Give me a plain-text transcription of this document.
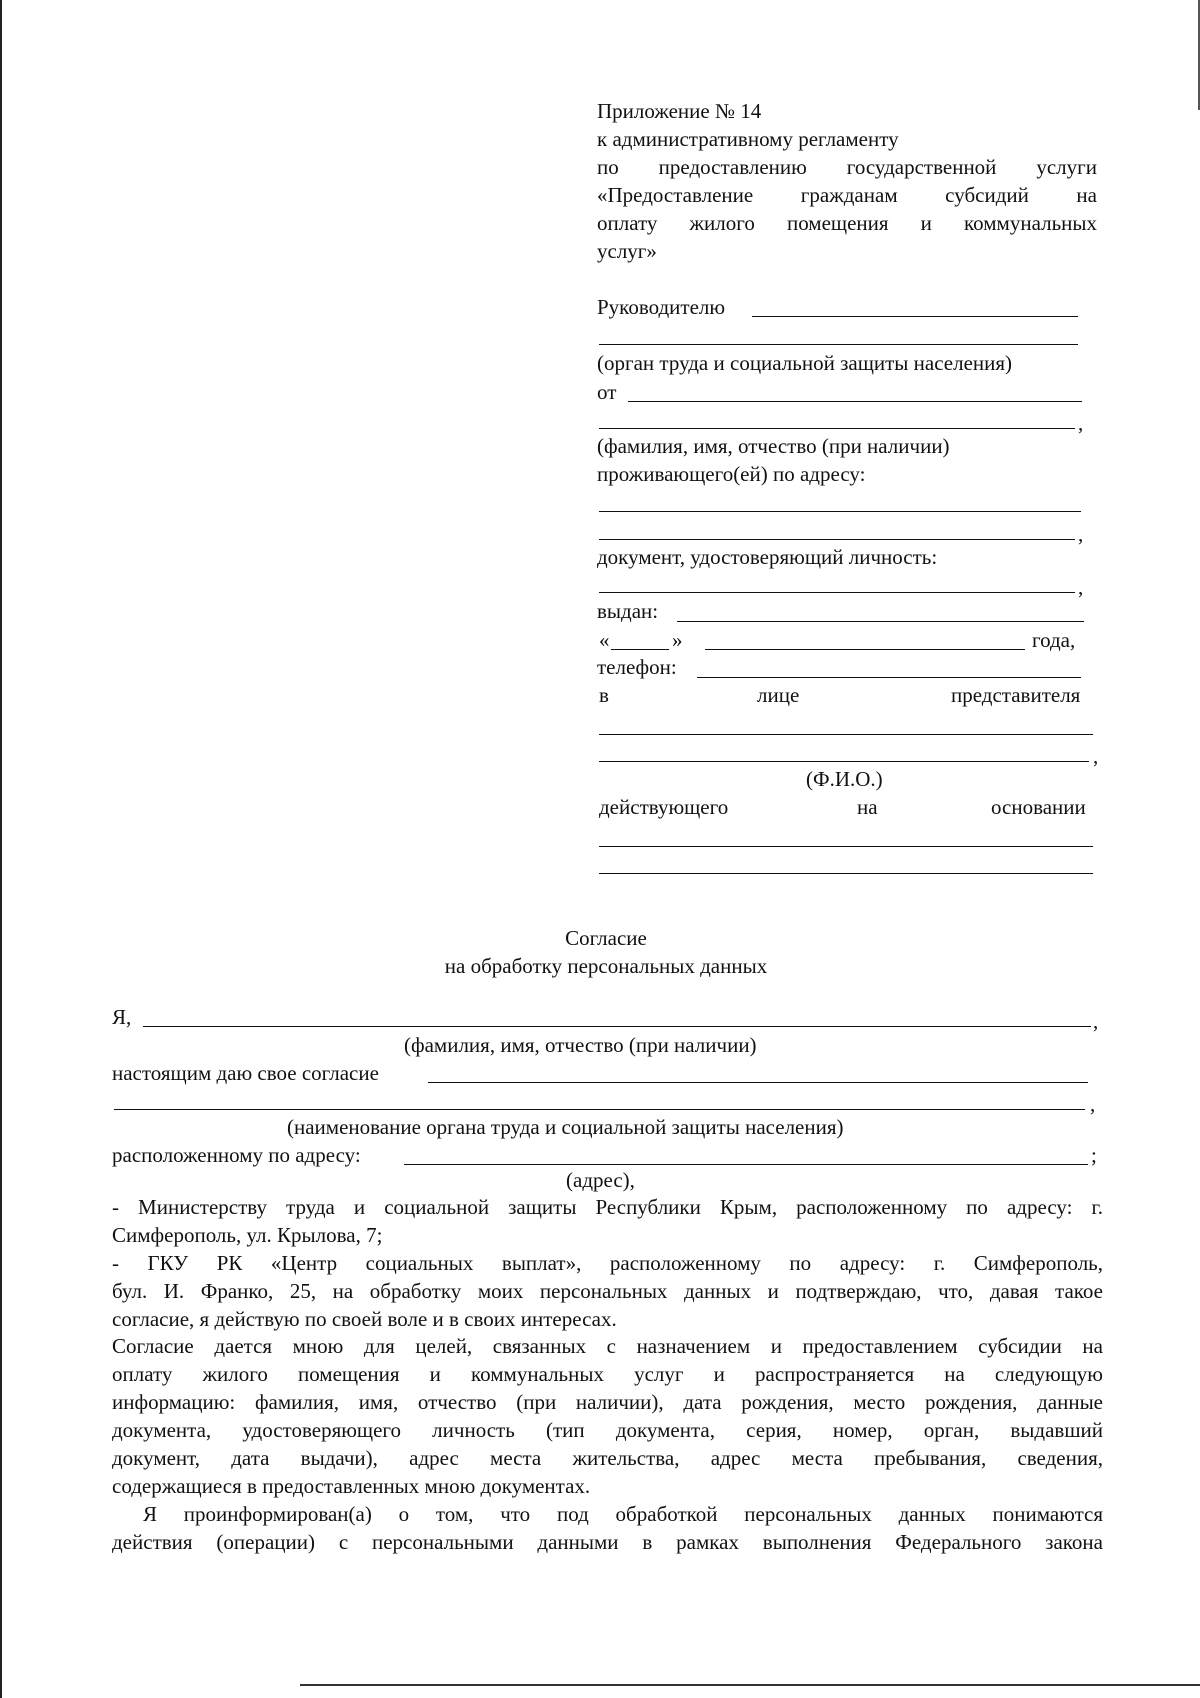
Приложение № 14
к административному регламенту
по предоставлению государственной услуги
«Предоставление гражданам субсидий на
оплату жилого помещения и коммунальных
услуг»
Руководителю
(орган труда и социальной защиты населения)
от
,
(фамилия, имя, отчество (при наличии)
проживающего(ей) по адресу:
,
документ, удостоверяющий личность:
,
выдан:
«	»	года,
телефон:
в	лице	представителя
,
(Ф.И.О.)
действующего	на	основании
Согласие
на обработку персональных данных
Я,	,
(фамилия, имя, отчество (при наличии)
настоящим даю свое согласие
,
(наименование органа труда и социальной защиты населения)
расположенному по адресу:	;
(адрес),
- Министерству труда и социальной защиты Республики Крым, расположенному по адресу: г.
Симферополь, ул. Крылова, 7;
- ГКУ РК «Центр социальных выплат», расположенному по адресу: г. Симферополь,
бул. И. Франко, 25, на обработку моих персональных данных и подтверждаю, что, давая такое
согласие, я действую по своей воле и в своих интересах.
Согласие дается мною для целей, связанных с назначением и предоставлением субсидии на
оплату жилого помещения и коммунальных услуг и распространяется на следующую
информацию: фамилия, имя, отчество (при наличии), дата рождения, место рождения, данные
документа, удостоверяющего личность (тип документа, серия, номер, орган, выдавший
документ, дата выдачи), адрес места жительства, адрес места пребывания, сведения,
содержащиеся в предоставленных мною документах.
Я проинформирован(а) о том, что под обработкой персональных данных понимаются
действия (операции) с персональными данными в рамках выполнения Федерального закона
